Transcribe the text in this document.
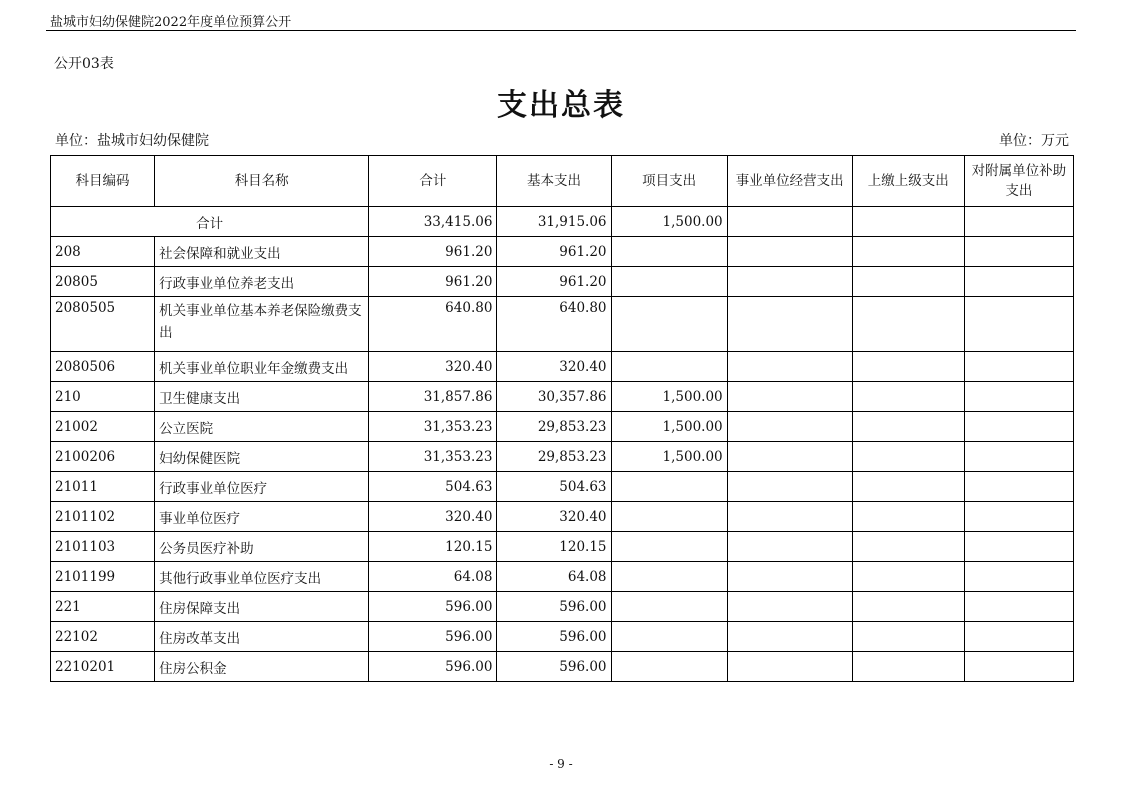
盐城市妇幼保健院2022年度单位预算公开
公开03表
支出总表
单位：盐城市妇幼保健院	单位：万元
科目编码	科目名称	合计	基本支出	项目支出	事业单位经营支出	上缴上级支出	对附属单位补助支出
合计		33,415.06	31,915.06	1,500.00			
208	社会保障和就业支出	961.20	961.20				
20805	行政事业单位养老支出	961.20	961.20				
2080505	机关事业单位基本养老保险缴费支出	640.80	640.80				
2080506	机关事业单位职业年金缴费支出	320.40	320.40				
210	卫生健康支出	31,857.86	30,357.86	1,500.00			
21002	公立医院	31,353.23	29,853.23	1,500.00			
2100206	妇幼保健医院	31,353.23	29,853.23	1,500.00			
21011	行政事业单位医疗	504.63	504.63				
2101102	事业单位医疗	320.40	320.40				
2101103	公务员医疗补助	120.15	120.15				
2101199	其他行政事业单位医疗支出	64.08	64.08				
221	住房保障支出	596.00	596.00				
22102	住房改革支出	596.00	596.00				
2210201	住房公积金	596.00	596.00				
- 9 -
